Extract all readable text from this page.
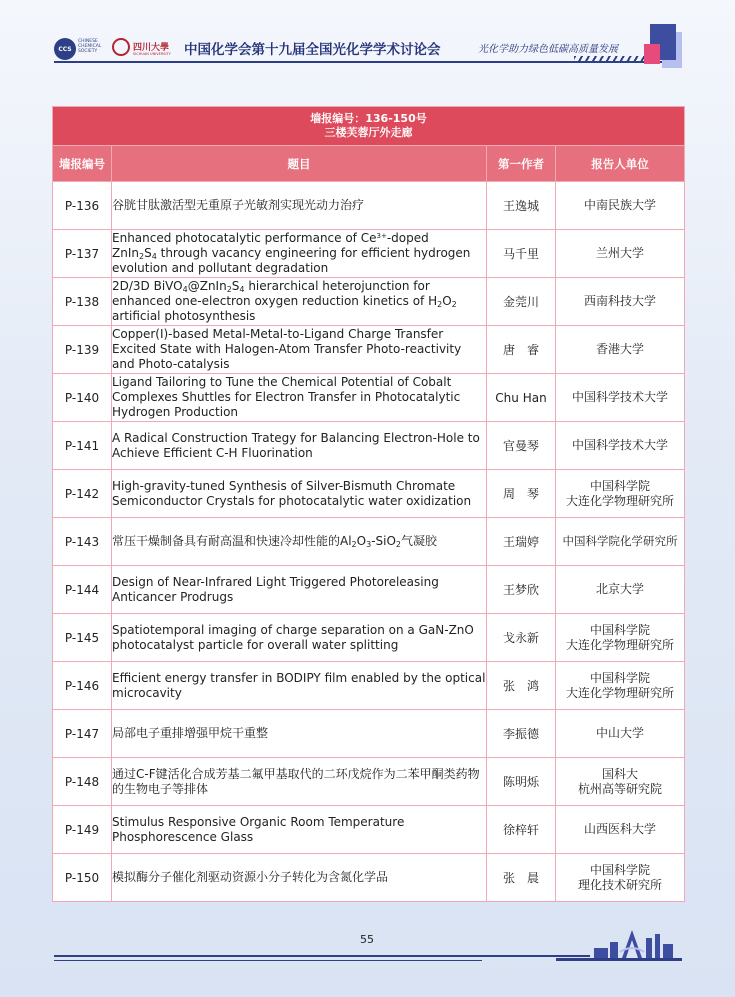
CCS
CHINESE CHEMICAL SOCIETY	四川大學
SICHUAN UNIVERSITY 中国化学会第十九届全国光化学学术讨论会	光化学助力绿色低碳高质量发展
墙报编号：136-150号
三楼芙蓉厅外走廊			

墙报编号	题目	第一作者	报告人单位
P-136	谷胱甘肽激活型无重原子光敏剂实现光动力治疗	王逸城	中南民族大学

P-137	Enhanced photocatalytic performance of $Ce^{3+}$-doped
$ZnIn_2S_4$ through vacancy engineering for efficient hydrogen evolution and pollutant degradation	马千里	兰州大学

P-138	2D/3D $BiVO_4@ZnIn_2S_4$ hierarchical heterojunction for enhanced one-electron oxygen reduction kinetics of $H_2O_2$ artificial photosynthesis	金莞川	西南科技大学

P-139	Copper(I)-based Metal-Metal-to-Ligand Charge Transfer Excited State with Halogen-Atom Transfer Photo-reactivity and Photo-catalysis	唐　睿	香港大学

P-140	Ligand Tailoring to Tune the Chemical Potential of Cobalt Complexes Shuttles for Electron Transfer in Photocatalytic Hydrogen Production	Chu Han	中国科学技术大学

P-141	A Radical Construction Trategy for Balancing Electron-Hole to Achieve Efficient C-H Fluorination	官曼琴	中国科学技术大学

P-142	High-gravity-tuned Synthesis of Silver-Bismuth Chromate Semiconductor Crystals for photocatalytic water oxidization	周　琴	中国科学院
大连化学物理研究所

P-143	常压干燥制备具有耐高温和快速冷却性能的$Al_2O_3-SiO_2$气凝胶	王瑞婷	中国科学院化学研究所

P-144	Design of Near-Infrared Light Triggered Photoreleasing Anticancer Prodrugs	王梦欣	北京大学

P-145	Spatiotemporal imaging of charge separation on a GaN-ZnO photocatalyst particle for overall water splitting	戈永新	中国科学院
大连化学物理研究所

P-146	Efficient energy transfer in BODIPY film enabled by the optical microcavity	张　鸿	中国科学院
大连化学物理研究所

P-147	局部电子重排增强甲烷干重整	李振德	中山大学

P-148	通过C-F键活化合成芳基二氟甲基取代的二环戊烷作为二苯甲酮类药物的生物电子等排体	陈明烁	国科大
杭州高等研究院

P-149	Stimulus Responsive Organic Room Temperature Phosphorescence Glass	徐梓轩	山西医科大学

P-150	模拟酶分子催化剂驱动资源小分子转化为含氮化学品	张　晨	中国科学院
理化技术研究所
55
